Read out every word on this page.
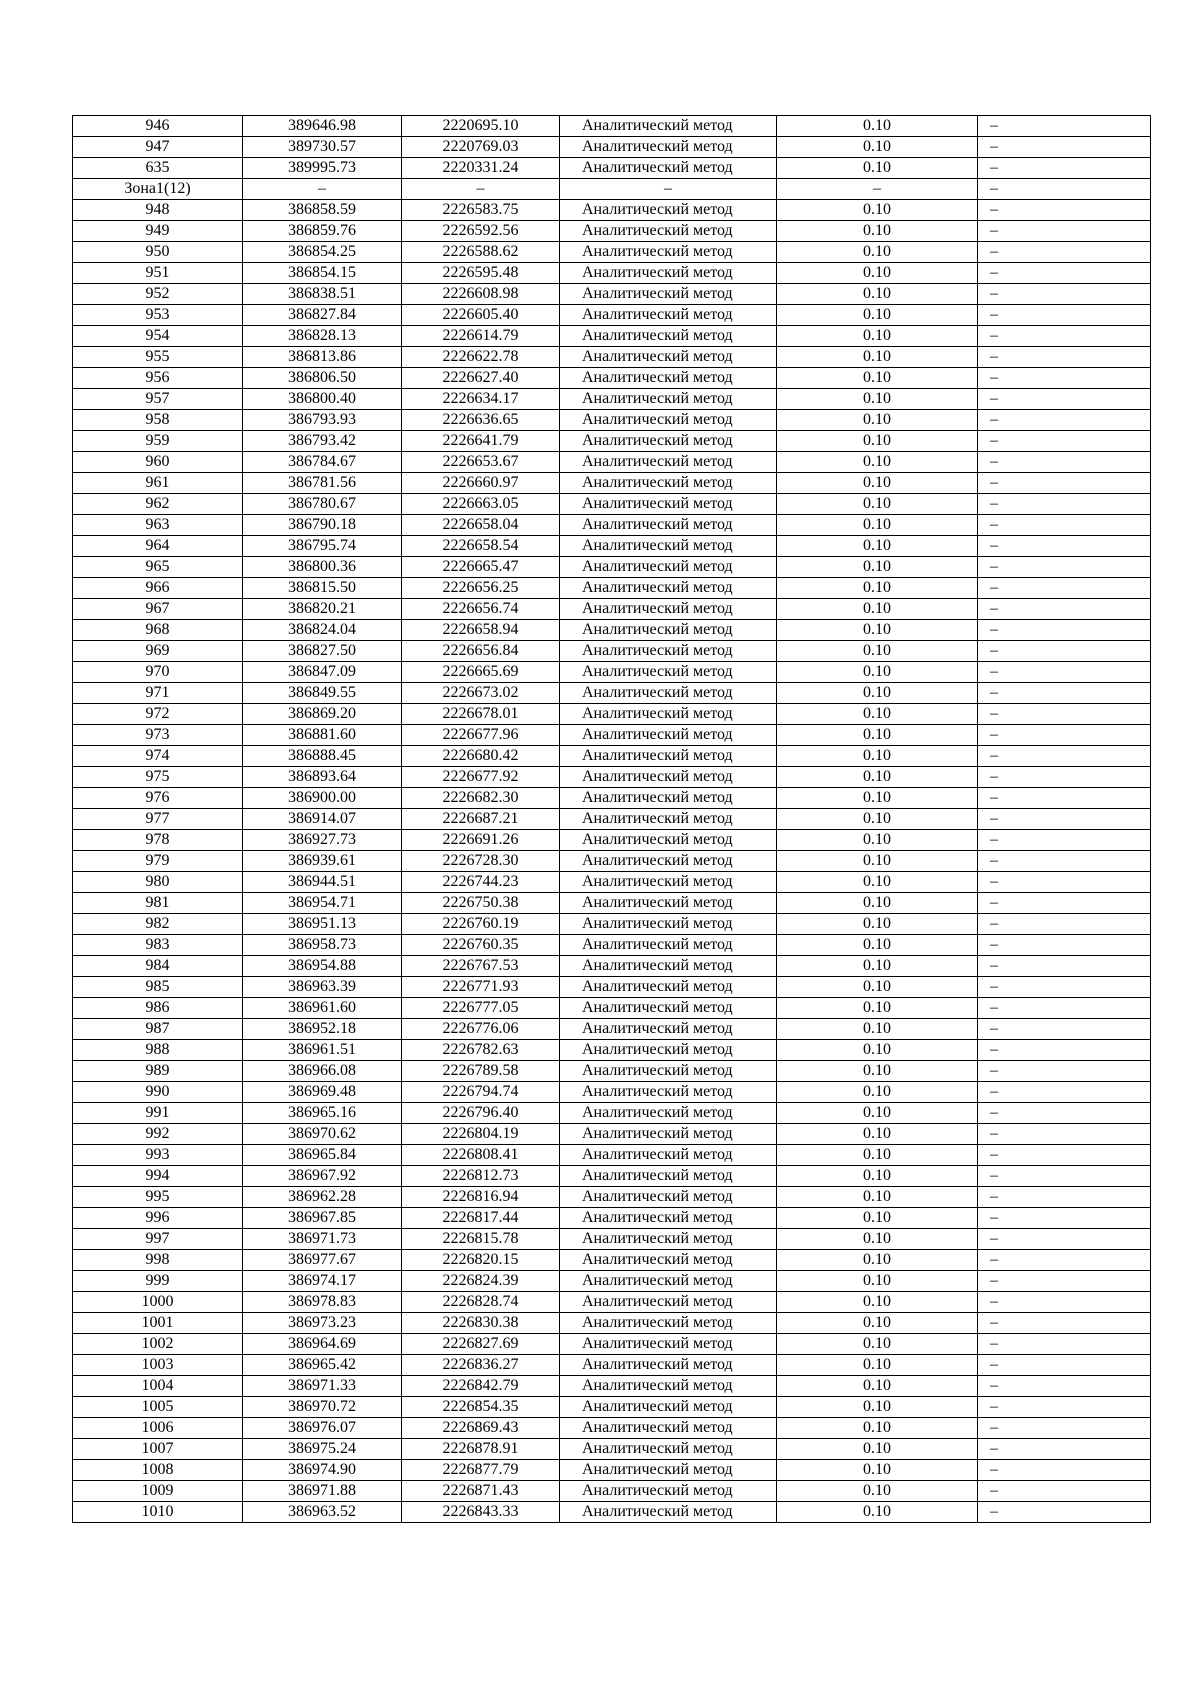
946	389646.98	2220695.10	Аналитический метод	0.10	–
947	389730.57	2220769.03	Аналитический метод	0.10	–
635	389995.73	2220331.24	Аналитический метод	0.10	–
Зона1(12)	–	–	–	–	–
948	386858.59	2226583.75	Аналитический метод	0.10	–
949	386859.76	2226592.56	Аналитический метод	0.10	–
950	386854.25	2226588.62	Аналитический метод	0.10	–
951	386854.15	2226595.48	Аналитический метод	0.10	–
952	386838.51	2226608.98	Аналитический метод	0.10	–
953	386827.84	2226605.40	Аналитический метод	0.10	–
954	386828.13	2226614.79	Аналитический метод	0.10	–
955	386813.86	2226622.78	Аналитический метод	0.10	–
956	386806.50	2226627.40	Аналитический метод	0.10	–
957	386800.40	2226634.17	Аналитический метод	0.10	–
958	386793.93	2226636.65	Аналитический метод	0.10	–
959	386793.42	2226641.79	Аналитический метод	0.10	–
960	386784.67	2226653.67	Аналитический метод	0.10	–
961	386781.56	2226660.97	Аналитический метод	0.10	–
962	386780.67	2226663.05	Аналитический метод	0.10	–
963	386790.18	2226658.04	Аналитический метод	0.10	–
964	386795.74	2226658.54	Аналитический метод	0.10	–
965	386800.36	2226665.47	Аналитический метод	0.10	–
966	386815.50	2226656.25	Аналитический метод	0.10	–
967	386820.21	2226656.74	Аналитический метод	0.10	–
968	386824.04	2226658.94	Аналитический метод	0.10	–
969	386827.50	2226656.84	Аналитический метод	0.10	–
970	386847.09	2226665.69	Аналитический метод	0.10	–
971	386849.55	2226673.02	Аналитический метод	0.10	–
972	386869.20	2226678.01	Аналитический метод	0.10	–
973	386881.60	2226677.96	Аналитический метод	0.10	–
974	386888.45	2226680.42	Аналитический метод	0.10	–
975	386893.64	2226677.92	Аналитический метод	0.10	–
976	386900.00	2226682.30	Аналитический метод	0.10	–
977	386914.07	2226687.21	Аналитический метод	0.10	–
978	386927.73	2226691.26	Аналитический метод	0.10	–
979	386939.61	2226728.30	Аналитический метод	0.10	–
980	386944.51	2226744.23	Аналитический метод	0.10	–
981	386954.71	2226750.38	Аналитический метод	0.10	–
982	386951.13	2226760.19	Аналитический метод	0.10	–
983	386958.73	2226760.35	Аналитический метод	0.10	–
984	386954.88	2226767.53	Аналитический метод	0.10	–
985	386963.39	2226771.93	Аналитический метод	0.10	–
986	386961.60	2226777.05	Аналитический метод	0.10	–
987	386952.18	2226776.06	Аналитический метод	0.10	–
988	386961.51	2226782.63	Аналитический метод	0.10	–
989	386966.08	2226789.58	Аналитический метод	0.10	–
990	386969.48	2226794.74	Аналитический метод	0.10	–
991	386965.16	2226796.40	Аналитический метод	0.10	–
992	386970.62	2226804.19	Аналитический метод	0.10	–
993	386965.84	2226808.41	Аналитический метод	0.10	–
994	386967.92	2226812.73	Аналитический метод	0.10	–
995	386962.28	2226816.94	Аналитический метод	0.10	–
996	386967.85	2226817.44	Аналитический метод	0.10	–
997	386971.73	2226815.78	Аналитический метод	0.10	–
998	386977.67	2226820.15	Аналитический метод	0.10	–
999	386974.17	2226824.39	Аналитический метод	0.10	–
1000	386978.83	2226828.74	Аналитический метод	0.10	–
1001	386973.23	2226830.38	Аналитический метод	0.10	–
1002	386964.69	2226827.69	Аналитический метод	0.10	–
1003	386965.42	2226836.27	Аналитический метод	0.10	–
1004	386971.33	2226842.79	Аналитический метод	0.10	–
1005	386970.72	2226854.35	Аналитический метод	0.10	–
1006	386976.07	2226869.43	Аналитический метод	0.10	–
1007	386975.24	2226878.91	Аналитический метод	0.10	–
1008	386974.90	2226877.79	Аналитический метод	0.10	–
1009	386971.88	2226871.43	Аналитический метод	0.10	–
1010	386963.52	2226843.33	Аналитический метод	0.10	–
